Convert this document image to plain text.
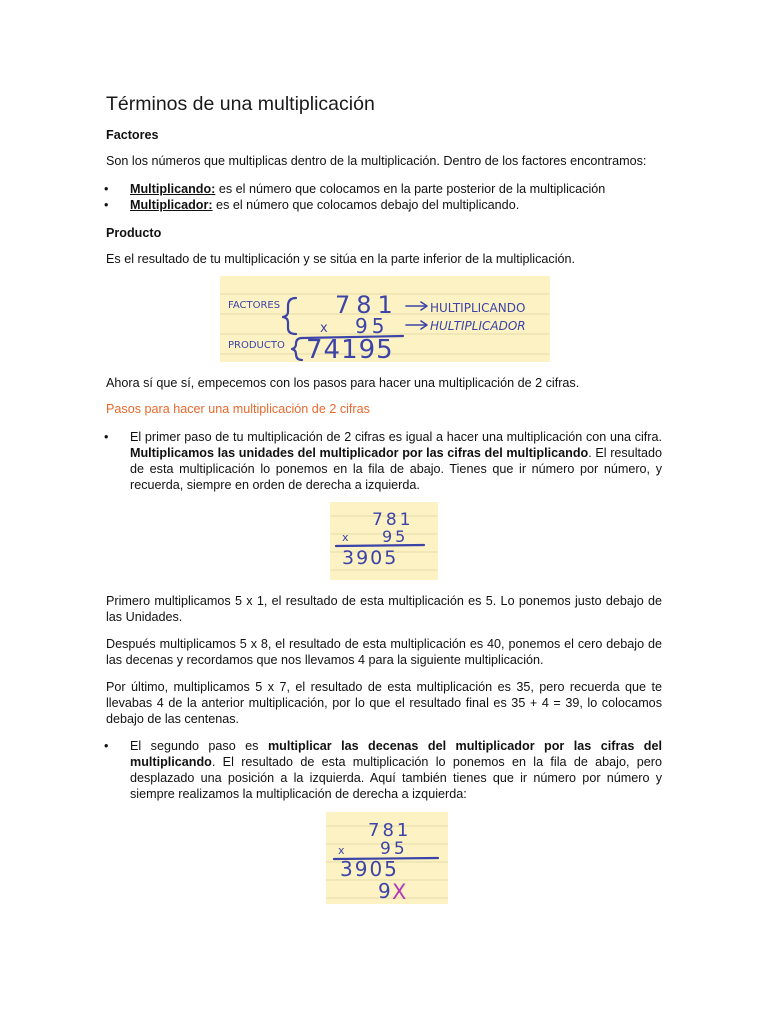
Términos de una multiplicación
Factores
Son los números que multiplicas dentro de la multiplicación. Dentro de los factores encontramos:
• Multiplicando: es el número que colocamos en la parte posterior de la multiplicación
• Multiplicador: es el número que colocamos debajo del multiplicando.
Producto
Es el resultado de tu multiplicación y se sitúa en la parte inferior de la multiplicación.
FACTORES 781
x 95
PRODUCTO 74195
HULTIPLICANDO
HULTIPLICADOR
Ahora sí que sí, empecemos con los pasos para hacer una multiplicación de 2 cifras.
Pasos para hacer una multiplicación de 2 cifras
• El primer paso de tu multiplicación de 2 cifras es igual a hacer una multiplicación con una cifra. Multiplicamos las unidades del multiplicador por las cifras del multiplicando. El resultado de esta multiplicación lo ponemos en la fila de abajo. Tienes que ir número por número, y recuerda, siempre en orden de derecha a izquierda.
781
x 95
3905
Primero multiplicamos 5 x 1, el resultado de esta multiplicación es 5. Lo ponemos justo debajo de las Unidades.
Después multiplicamos 5 x 8, el resultado de esta multiplicación es 40, ponemos el cero debajo de las decenas y recordamos que nos llevamos 4 para la siguiente multiplicación.
Por último, multiplicamos 5 x 7, el resultado de esta multiplicación es 35, pero recuerda que te llevabas 4 de la anterior multiplicación, por lo que el resultado final es 35 + 4 = 39, lo colocamos debajo de las centenas.
• El segundo paso es multiplicar las decenas del multiplicador por las cifras del multiplicando. El resultado de esta multiplicación lo ponemos en la fila de abajo, pero desplazado una posición a la izquierda. Aquí también tienes que ir número por número y siempre realizamos la multiplicación de derecha a izquierda:
781
x 95
3905
9 X
